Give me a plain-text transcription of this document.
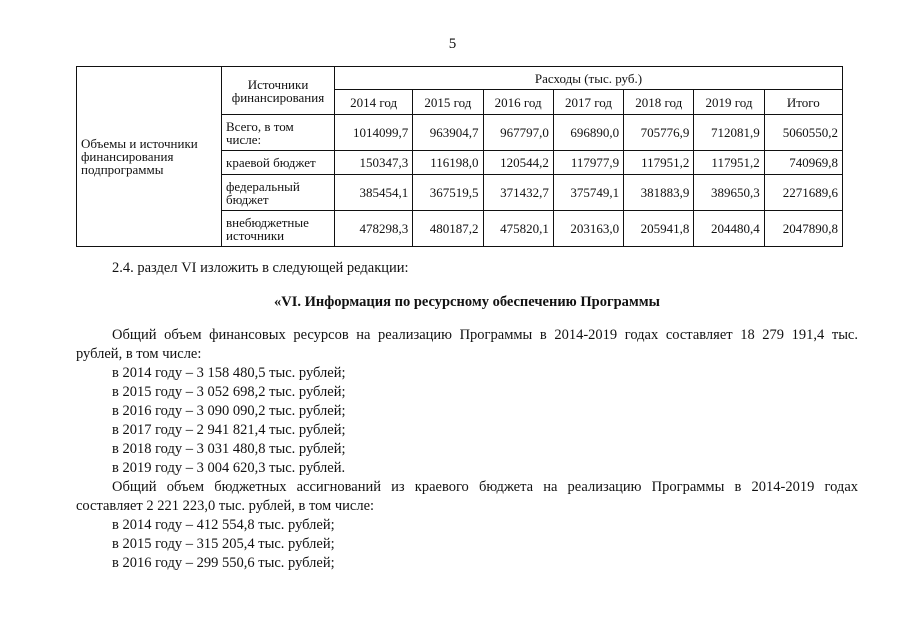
5
Объемы и источники финансирования подпрограммы	Источники финансирования	Расходы (тыс. руб.)						
		2014 год	2015 год	2016 год	2017 год	2018 год	2019 год	Итого
	Всего, в том числе:	1014099,7	963904,7	967797,0	696890,0	705776,9	712081,9	5060550,2
	краевой бюджет	150347,3	116198,0	120544,2	117977,9	117951,2	117951,2	740969,8
	федеральный бюджет	385454,1	367519,5	371432,7	375749,1	381883,9	389650,3	2271689,6
	внебюджетные источники	478298,3	480187,2	475820,1	203163,0	205941,8	204480,4	2047890,8
2.4. раздел VI изложить в следующей редакции:
«VI. Информация по ресурсному обеспечению Программы
Общий объем финансовых ресурсов на реализацию Программы в 2014-2019 годах составляет 18 279 191,4 тыс.
рублей, в том числе:
в 2014 году – 3 158 480,5 тыс. рублей;
в 2015 году – 3 052 698,2 тыс. рублей;
в 2016 году – 3 090 090,2 тыс. рублей;
в 2017 году – 2 941 821,4 тыс. рублей;
в 2018 году – 3 031 480,8 тыс. рублей;
в 2019 году – 3 004 620,3 тыс. рублей.
Общий объем бюджетных ассигнований из краевого бюджета на реализацию Программы в 2014-2019 годах
составляет 2 221 223,0 тыс. рублей, в том числе:
в 2014 году – 412 554,8 тыс. рублей;
в 2015 году – 315 205,4 тыс. рублей;
в 2016 году – 299 550,6 тыс. рублей;
